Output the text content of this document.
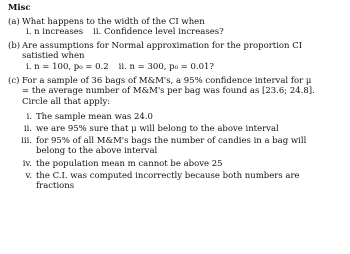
Misc
(a) What happens to the width of the CI when
i. n increases ii. Confidence level increases?
(b) Are assumptions for Normal approximation for the proportion CI
satistied when
i. n = 100, p₀ = 0.2 ii. n = 300, p₀ = 0.01?
(c) For a sample of 36 bags of M&M's, a 95% confidence interval for μ
= the average number of M&M's per bag was found as [23.6; 24.8].
Circle all that apply:
i. The sample mean was 24.0
ii. we are 95% sure that μ will belong to the above interval
iii. for 95% of all M&M's bags the number of candies in a bag will
belong to the above interval
iv. the population mean m cannot be above 25
v. the C.I. was computed incorrectly because both numbers are
fractions
